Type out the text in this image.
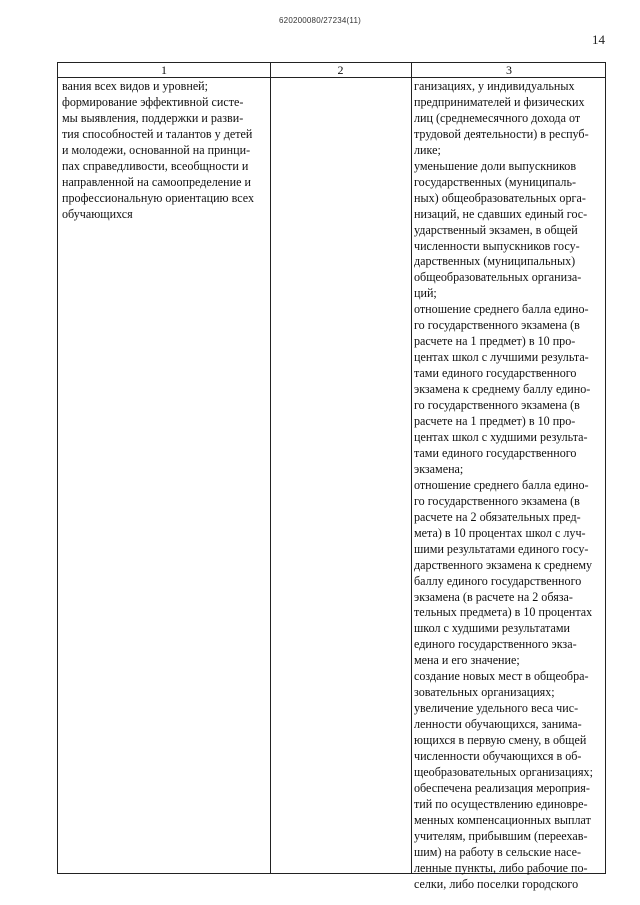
620200080/27234(11)
14
1	2	3
вания всех видов и уровней;
формирование эффективной систе-
мы выявления, поддержки и разви-
тия способностей и талантов у детей
и молодежи, основанной на принци-
пах справедливости, всеобщности и
направленной на самоопределение и
профессиональную ориентацию всех
обучающихся
ганизациях, у индивидуальных
предпринимателей и физических
лиц (среднемесячного дохода от
трудовой деятельности) в респуб-
лике;
уменьшение доли выпускников
государственных (муниципаль-
ных) общеобразовательных орга-
низаций, не сдавших единый гос-
ударственный экзамен, в общей
численности выпускников госу-
дарственных (муниципальных)
общеобразовательных организа-
ций;
отношение среднего балла едино-
го государственного экзамена (в
расчете на 1 предмет) в 10 про-
центах школ с лучшими результа-
тами единого государственного
экзамена к среднему баллу едино-
го государственного экзамена (в
расчете на 1 предмет) в 10 про-
центах школ с худшими результа-
тами единого государственного
экзамена;
отношение среднего балла едино-
го государственного экзамена (в
расчете на 2 обязательных пред-
мета) в 10 процентах школ с луч-
шими результатами единого госу-
дарственного экзамена к среднему
баллу единого государственного
экзамена (в расчете на 2 обяза-
тельных предмета) в 10 процентах
школ с худшими результатами
единого государственного экза-
мена и его значение;
создание новых мест в общеобра-
зовательных организациях;
увеличение удельного веса чис-
ленности обучающихся, занима-
ющихся в первую смену, в общей
численности обучающихся в об-
щеобразовательных организациях;
обеспечена реализация мероприя-
тий по осуществлению единовре-
менных компенсационных выплат
учителям, прибывшим (переехав-
шим) на работу в сельские насе-
ленные пункты, либо рабочие по-
селки, либо поселки городского
